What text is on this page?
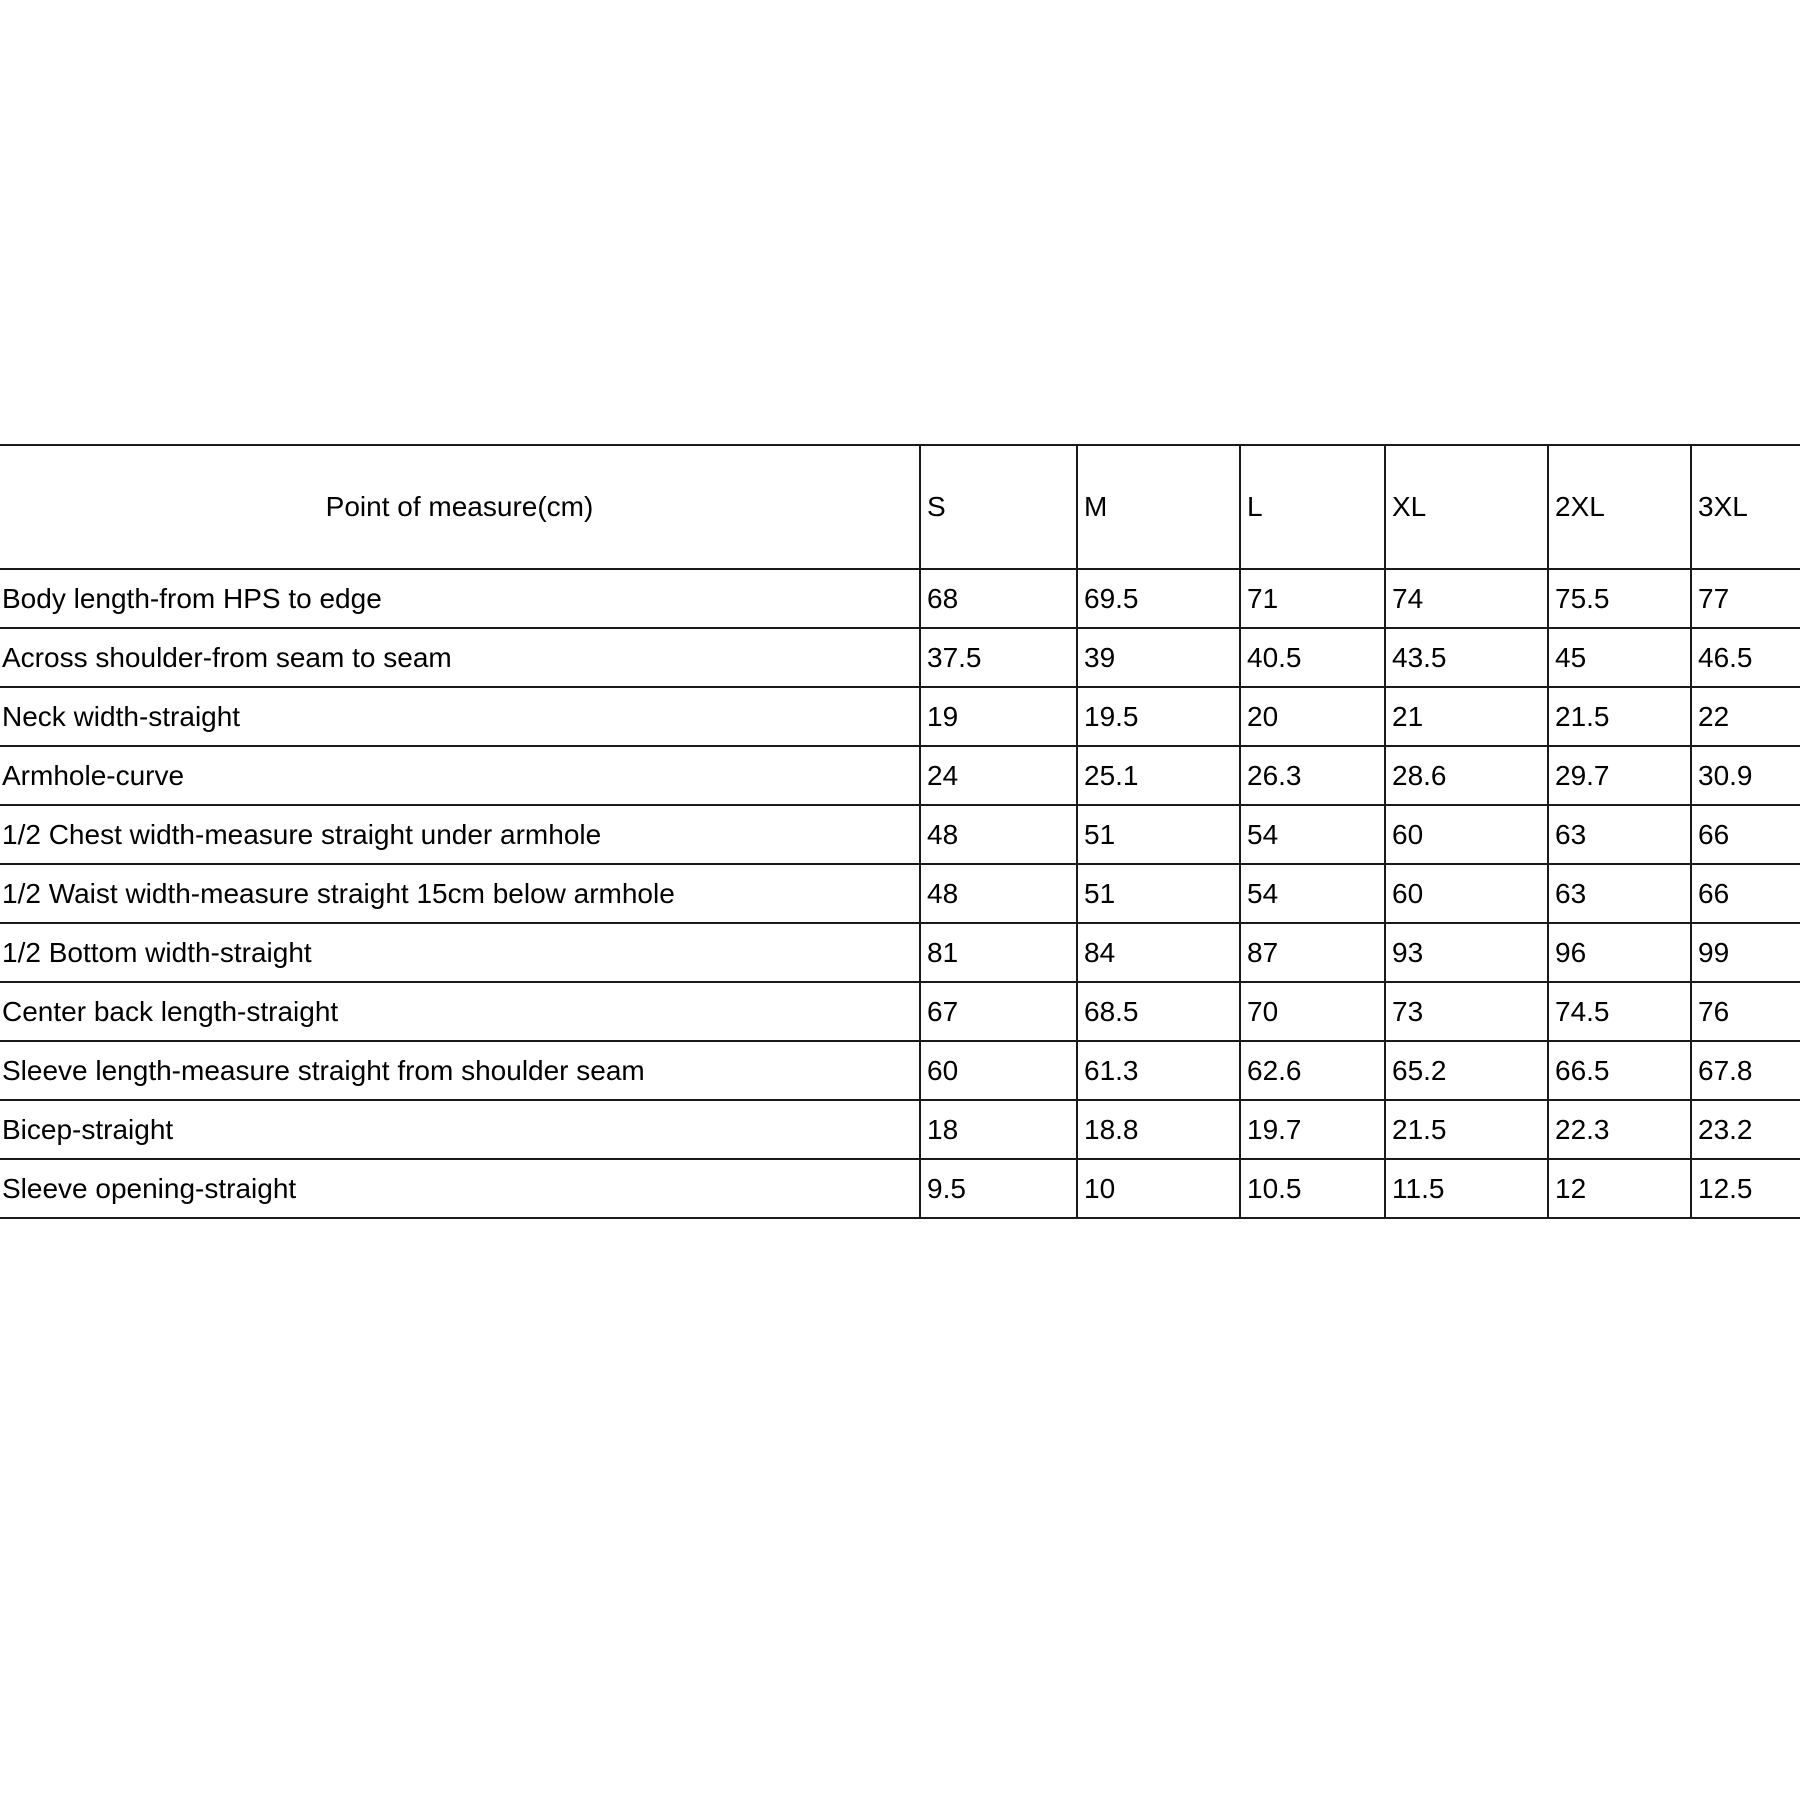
Point of measure(cm)	S	M	L	XL	2XL	3XL
Body length-from HPS to edge	68	69.5	71	74	75.5	77
Across shoulder-from seam to seam	37.5	39	40.5	43.5	45	46.5
Neck width-straight	19	19.5	20	21	21.5	22
Armhole-curve	24	25.1	26.3	28.6	29.7	30.9
1/2 Chest width-measure straight under armhole	48	51	54	60	63	66
1/2 Waist width-measure straight 15cm below armhole	48	51	54	60	63	66
1/2 Bottom width-straight	81	84	87	93	96	99
Center back length-straight	67	68.5	70	73	74.5	76
Sleeve length-measure straight from shoulder seam	60	61.3	62.6	65.2	66.5	67.8
Bicep-straight	18	18.8	19.7	21.5	22.3	23.2
Sleeve opening-straight	9.5	10	10.5	11.5	12	12.5
